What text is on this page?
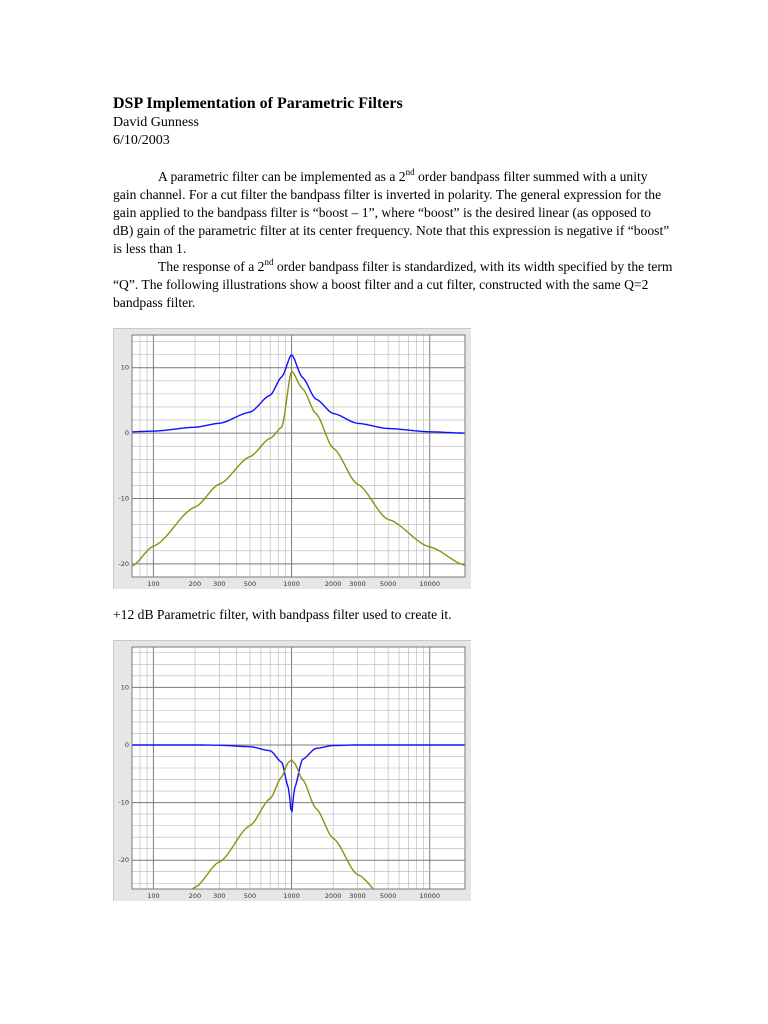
DSP Implementation of Parametric Filters
David Gunness
6/10/2003

A parametric filter can be implemented as a 2nd order bandpass filter summed with a unity gain channel. For a cut filter the bandpass filter is inverted in polarity. The general expression for the gain applied to the bandpass filter is “boost – 1”, where “boost” is the desired linear (as opposed to dB) gain of the parametric filter at its center frequency. Note that this expression is negative if “boost” is less than 1.

The response of a 2nd order bandpass filter is standardized, with its width specified by the term “Q”. The following illustrations show a boost filter and a cut filter, constructed with the same Q=2 bandpass filter.

10
0
-10
-20
100	200 300	500	1000	2000 3000 5000	10000
+12 dB Parametric filter, with bandpass filter used to create it.
10
0
-10
-20
100	200 300	500	1000	2000 3000 5000	10000
